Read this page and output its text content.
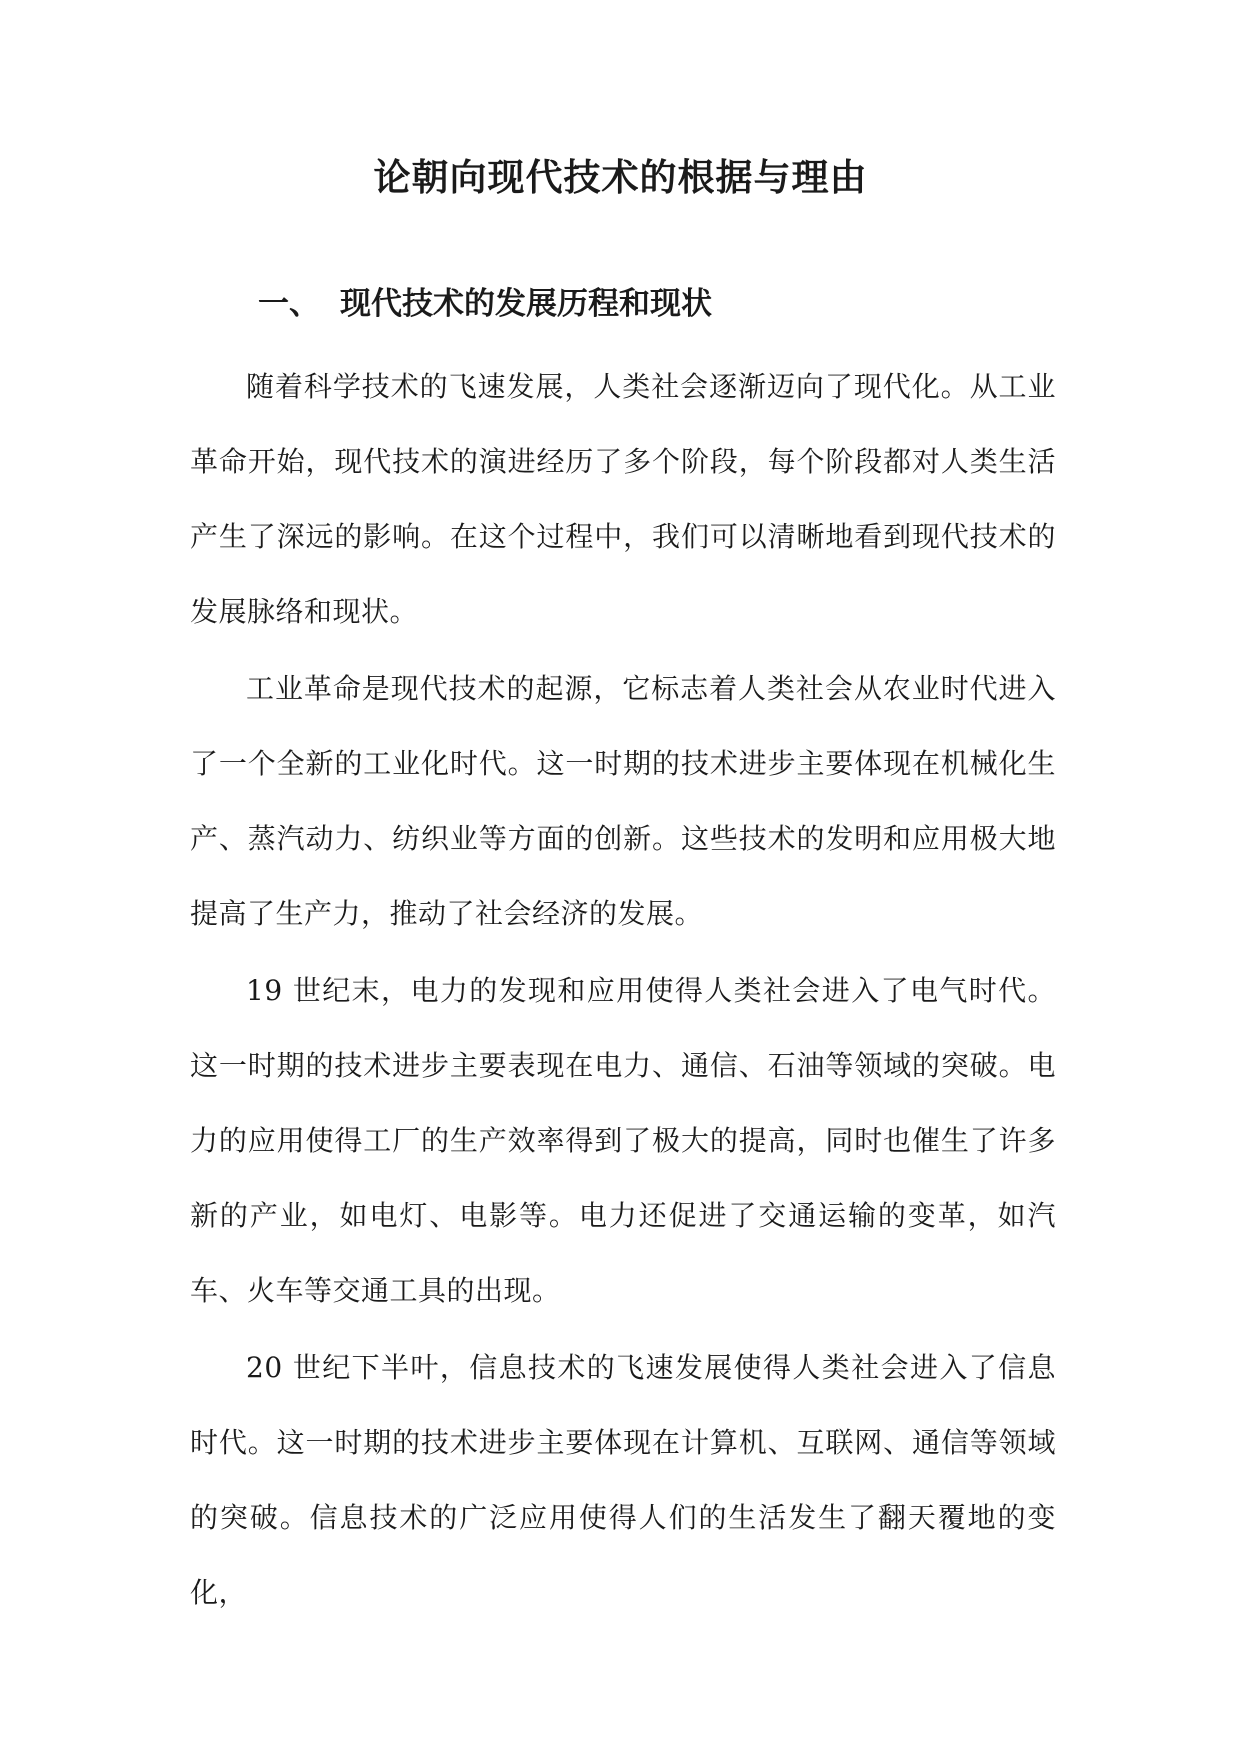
论朝向现代技术的根据与理由
一、 现代技术的发展历程和现状

随着科学技术的飞速发展，人类社会逐渐迈向了现代化。从工业革命开始，现代技术的演进经历了多个阶段，每个阶段都对人类生活产生了深远的影响。在这个过程中，我们可以清晰地看到现代技术的发展脉络和现状。

工业革命是现代技术的起源，它标志着人类社会从农业时代进入了一个全新的工业化时代。这一时期的技术进步主要体现在机械化生产、蒸汽动力、纺织业等方面的创新。这些技术的发明和应用极大地提高了生产力，推动了社会经济的发展。

19 世纪末，电力的发现和应用使得人类社会进入了电气时代。这一时期的技术进步主要表现在电力、通信、石油等领域的突破。电力的应用使得工厂的生产效率得到了极大的提高，同时也催生了许多新的产业，如电灯、电影等。电力还促进了交通运输的变革，如汽车、火车等交通工具的出现。

20 世纪下半叶，信息技术的飞速发展使得人类社会进入了信息时代。这一时期的技术进步主要体现在计算机、互联网、通信等领域的突破。信息技术的广泛应用使得人们的生活发生了翻天覆地的变化，
